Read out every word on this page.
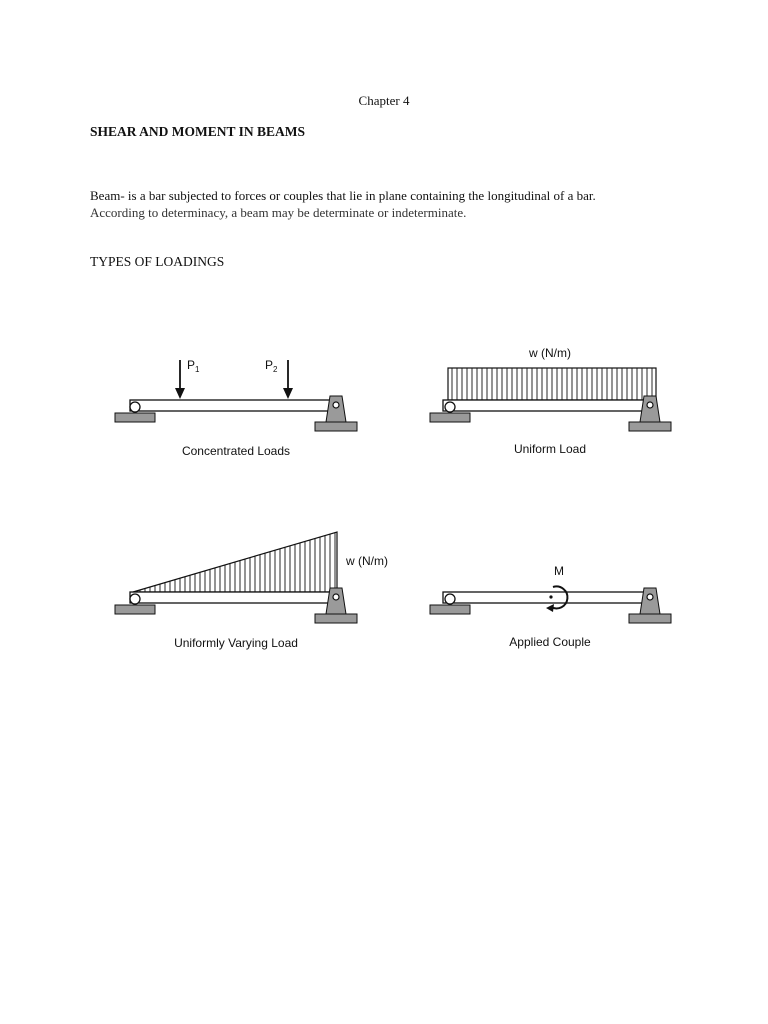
Chapter 4
SHEAR AND MOMENT IN BEAMS
Beam- is a bar subjected to forces or couples that lie in plane containing the longitudinal of a bar.
According to determinacy, a beam may be determinate or indeterminate.
TYPES OF LOADINGS
$P_1$	$P_2$
Concentrated Loads
w (N/m)
Uniform Load
w (N/m)
Uniformly Varying Load
M
Applied Couple
